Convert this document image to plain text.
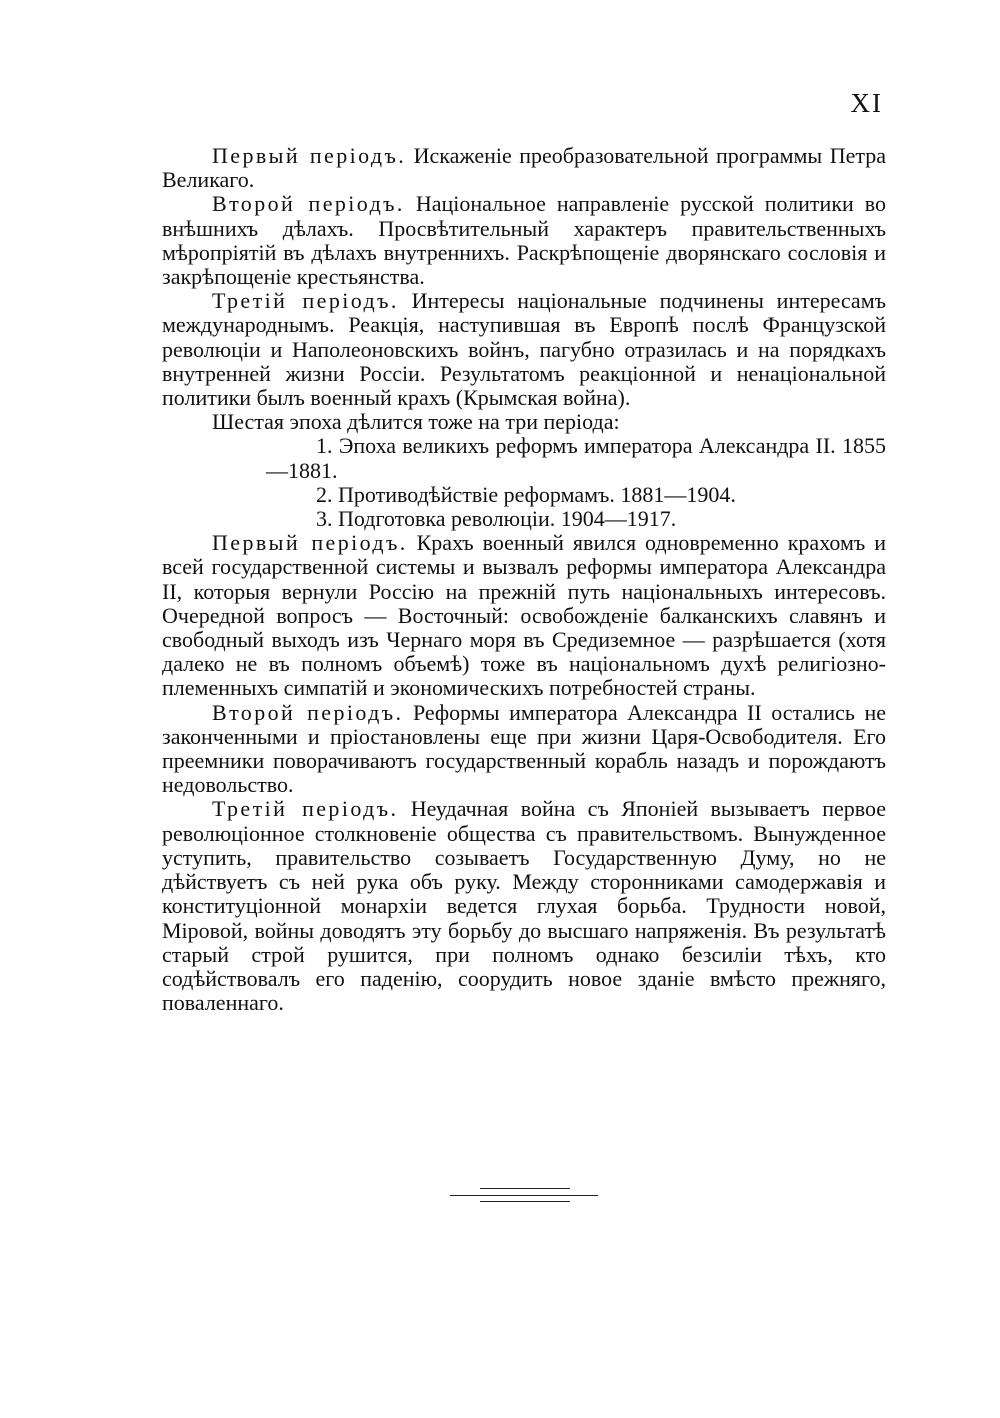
XI

Первый періодъ. Искаженіе преобразовательной программы Петра Великаго.

Второй періодъ. Національное направленіе русской политики во внѣшнихъ дѣлахъ. Просвѣтительный характеръ правительственныхъ мѣропріятій въ дѣлахъ внутреннихъ. Раскрѣпощеніе дворянскаго сословія и закрѣпощеніе крестьянства.

Третій періодъ. Интересы національные подчинены интересамъ международнымъ. Реакція, наступившая въ Европѣ послѣ Французской революціи и Наполеоновскихъ войнъ, пагубно отразилась и на порядкахъ внутренней жизни Россіи. Результатомъ реакціонной и ненаціональной политики былъ военный крахъ (Крымская война).

Шестая эпоха дѣлится тоже на три періода:

1. Эпоха великихъ реформъ императора Александра II. 1855—1881.

2. Противодѣйствіе реформамъ. 1881—1904.

3. Подготовка революціи. 1904—1917.

Первый періодъ. Крахъ военный явился одновременно крахомъ и всей государственной системы и вызвалъ реформы императора Александра II, которыя вернули Россію на прежній путь національныхъ интересовъ. Очередной вопросъ — Восточный: освобожденіе балканскихъ славянъ и свободный выходъ изъ Чернаго моря въ Средиземное — разрѣшается (хотя далеко не въ полномъ объемѣ) тоже въ національномъ духѣ религіозно-племенныхъ симпатій и экономическихъ потребностей страны.

Второй періодъ. Реформы императора Александра II остались не законченными и пріостановлены еще при жизни Царя-Освободителя. Его преемники поворачиваютъ государственный корабль назадъ и порождаютъ недовольство.

Третій періодъ. Неудачная война съ Японіей вызываетъ первое революціонное столкновеніе общества съ правительствомъ. Вынужденное уступить, правительство созываетъ Государственную Думу, но не дѣйствуетъ съ ней рука объ руку. Между сторонниками самодержавія и конституціонной монархіи ведется глухая борьба. Трудности новой, Міровой, войны доводятъ эту борьбу до высшаго напряженія. Въ результатѣ старый строй рушится, при полномъ однако безсиліи тѣхъ, кто содѣйствовалъ его паденію, соорудить новое зданіе вмѣсто прежняго, поваленнаго.
